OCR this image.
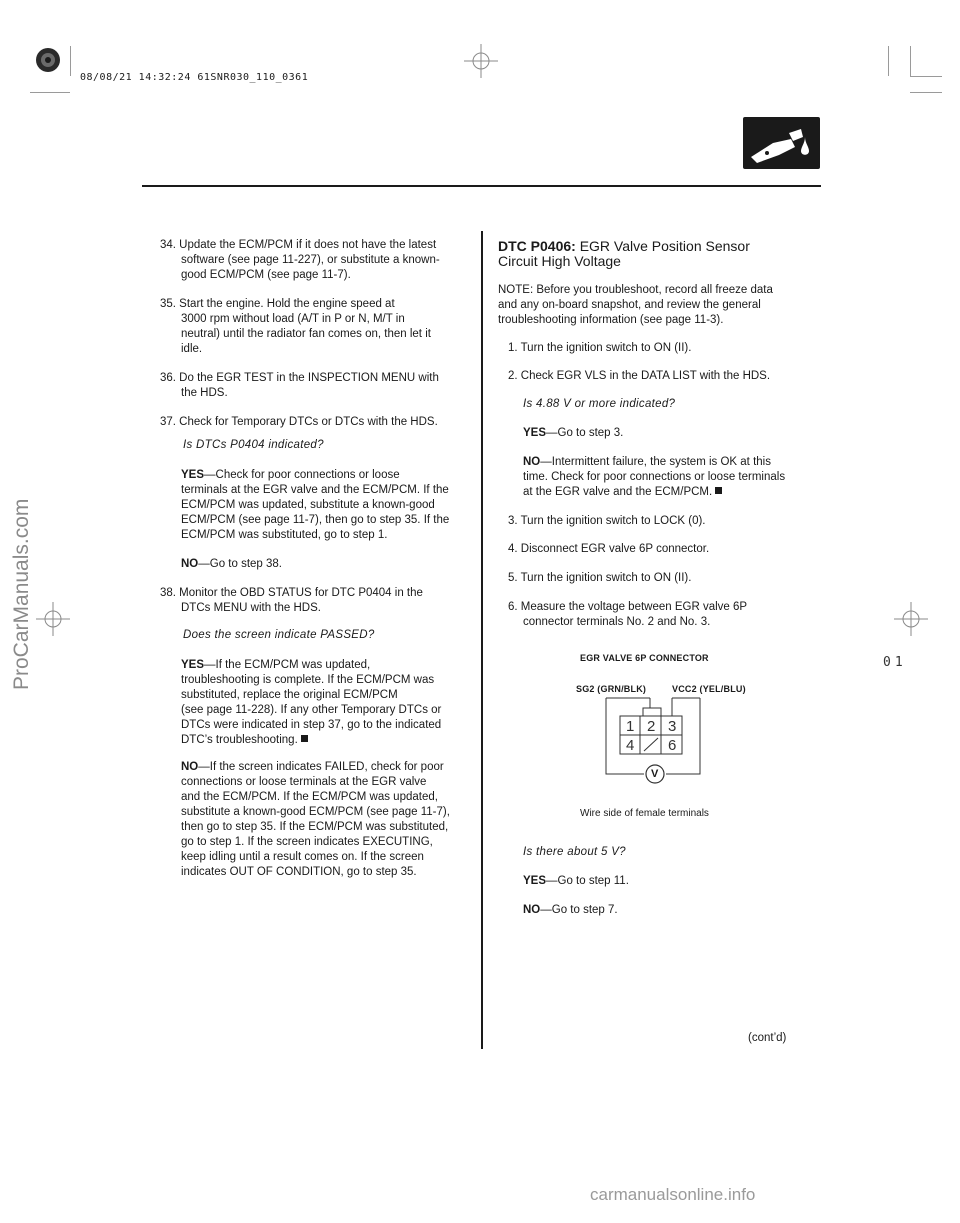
08/08/21 14:32:24 61SNR030_110_0361
ProCarManuals.com
carmanualsonline.info
01
34. Update the ECM/PCM if it does not have the latest
software (see page 11-227), or substitute a known-
good ECM/PCM (see page 11-7).
35. Start the engine. Hold the engine speed at
3000 rpm without load (A/T in P or N, M/T in
neutral) until the radiator fan comes on, then let it
idle.
36. Do the EGR TEST in the INSPECTION MENU with
the HDS.
37. Check for Temporary DTCs or DTCs with the HDS.
Is DTCs P0404 indicated?
YES—Check for poor connections or loose
terminals at the EGR valve and the ECM/PCM. If the
ECM/PCM was updated, substitute a known-good
ECM/PCM (see page 11-7), then go to step 35. If the
ECM/PCM was substituted, go to step 1.
NO—Go to step 38.
38. Monitor the OBD STATUS for DTC P0404 in the
DTCs MENU with the HDS.
Does the screen indicate PASSED?
YES—If the ECM/PCM was updated,
troubleshooting is complete. If the ECM/PCM was
substituted, replace the original ECM/PCM
(see page 11-228). If any other Temporary DTCs or
DTCs were indicated in step 37, go to the indicated
DTC’s troubleshooting.
NO—If the screen indicates FAILED, check for poor
connections or loose terminals at the EGR valve
and the ECM/PCM. If the ECM/PCM was updated,
substitute a known-good ECM/PCM (see page 11-7),
then go to step 35. If the ECM/PCM was substituted,
go to step 1. If the screen indicates EXECUTING,
keep idling until a result comes on. If the screen
indicates OUT OF CONDITION, go to step 35.
DTC P0406: EGR Valve Position Sensor
Circuit High Voltage
NOTE: Before you troubleshoot, record all freeze data
and any on-board snapshot, and review the general
troubleshooting information (see page 11-3).
1. Turn the ignition switch to ON (II).
2. Check EGR VLS in the DATA LIST with the HDS.
Is 4.88 V or more indicated?
YES—Go to step 3.
NO—Intermittent failure, the system is OK at this
time. Check for poor connections or loose terminals
at the EGR valve and the ECM/PCM.
3. Turn the ignition switch to LOCK (0).
4. Disconnect EGR valve 6P connector.
5. Turn the ignition switch to ON (II).
6. Measure the voltage between EGR valve 6P
connector terminals No. 2 and No. 3.
EGR VALVE 6P CONNECTOR
SG2 (GRN/BLK)	VCC2 (YEL/BLU)
1 2 3
4 6
V
Wire side of female terminals
Is there about 5 V?
YES—Go to step 11.
NO—Go to step 7.
(cont’d)
